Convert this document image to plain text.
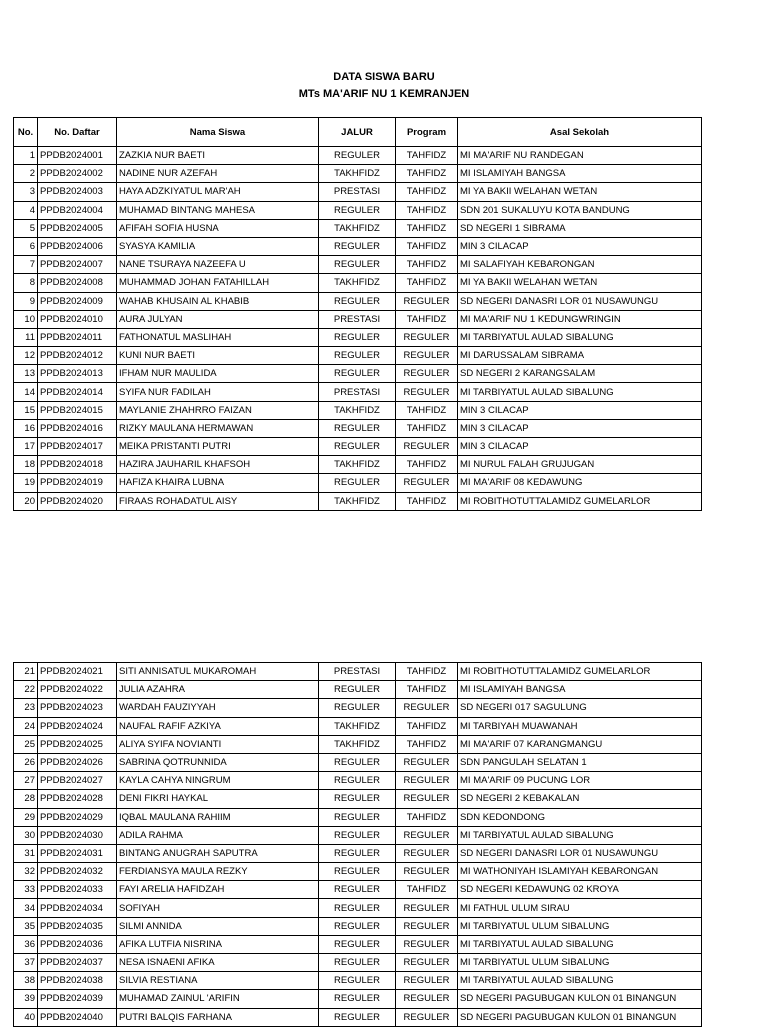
DATA SISWA BARU
MTs MA'ARIF NU 1 KEMRANJEN
No.	No. Daftar	Nama Siswa	JALUR	Program	Asal Sekolah
1	PPDB2024001	ZAZKIA NUR BAETI	REGULER	TAHFIDZ	MI MA'ARIF NU RANDEGAN
2	PPDB2024002	NADINE NUR AZEFAH	TAKHFIDZ	TAHFIDZ	MI ISLAMIYAH BANGSA
3	PPDB2024003	HAYA ADZKIYATUL MAR'AH	PRESTASI	TAHFIDZ	MI YA BAKII WELAHAN WETAN
4	PPDB2024004	MUHAMAD BINTANG MAHESA	REGULER	TAHFIDZ	SDN 201 SUKALUYU KOTA BANDUNG
5	PPDB2024005	AFIFAH SOFIA HUSNA	TAKHFIDZ	TAHFIDZ	SD NEGERI 1 SIBRAMA
6	PPDB2024006	SYASYA KAMILIA	REGULER	TAHFIDZ	MIN 3 CILACAP
7	PPDB2024007	NANE TSURAYA NAZEEFA U	REGULER	TAHFIDZ	MI SALAFIYAH KEBARONGAN
8	PPDB2024008	MUHAMMAD JOHAN FATAHILLAH	TAKHFIDZ	TAHFIDZ	MI YA BAKII WELAHAN WETAN
9	PPDB2024009	WAHAB KHUSAIN AL KHABIB	REGULER	REGULER	SD NEGERI DANASRI LOR 01 NUSAWUNGU
10	PPDB2024010	AURA JULYAN	PRESTASI	TAHFIDZ	MI MA'ARIF NU 1 KEDUNGWRINGIN
11	PPDB2024011	FATHONATUL MASLIHAH	REGULER	REGULER	MI TARBIYATUL AULAD SIBALUNG
12	PPDB2024012	KUNI NUR BAETI	REGULER	REGULER	MI DARUSSALAM SIBRAMA
13	PPDB2024013	IFHAM NUR MAULIDA	REGULER	REGULER	SD NEGERI 2 KARANGSALAM
14	PPDB2024014	SYIFA NUR FADILAH	PRESTASI	REGULER	MI TARBIYATUL AULAD SIBALUNG
15	PPDB2024015	MAYLANIE ZHAHRRO FAIZAN	TAKHFIDZ	TAHFIDZ	MIN 3 CILACAP
16	PPDB2024016	RIZKY MAULANA HERMAWAN	REGULER	TAHFIDZ	MIN 3 CILACAP
17	PPDB2024017	MEIKA PRISTANTI PUTRI	REGULER	REGULER	MIN 3 CILACAP
18	PPDB2024018	HAZIRA JAUHARIL KHAFSOH	TAKHFIDZ	TAHFIDZ	MI NURUL FALAH GRUJUGAN
19	PPDB2024019	HAFIZA KHAIRA LUBNA	REGULER	REGULER	MI MA'ARIF 08 KEDAWUNG
20	PPDB2024020	FIRAAS ROHADATUL AISY	TAKHFIDZ	TAHFIDZ	MI ROBITHOTUTTALAMIDZ GUMELARLOR
21	PPDB2024021	SITI ANNISATUL MUKAROMAH	PRESTASI	TAHFIDZ	MI ROBITHOTUTTALAMIDZ GUMELARLOR
22	PPDB2024022	JULIA AZAHRA	REGULER	TAHFIDZ	MI ISLAMIYAH BANGSA
23	PPDB2024023	WARDAH FAUZIYYAH	REGULER	REGULER	SD NEGERI 017 SAGULUNG
24	PPDB2024024	NAUFAL RAFIF AZKIYA	TAKHFIDZ	TAHFIDZ	MI TARBIYAH MUAWANAH
25	PPDB2024025	ALIYA SYIFA NOVIANTI	TAKHFIDZ	TAHFIDZ	MI MA'ARIF 07 KARANGMANGU
26	PPDB2024026	SABRINA QOTRUNNIDA	REGULER	REGULER	SDN PANGULAH SELATAN 1
27	PPDB2024027	KAYLA CAHYA NINGRUM	REGULER	REGULER	MI MA'ARIF 09 PUCUNG LOR
28	PPDB2024028	DENI FIKRI HAYKAL	REGULER	REGULER	SD NEGERI 2 KEBAKALAN
29	PPDB2024029	IQBAL MAULANA RAHIIM	REGULER	TAHFIDZ	SDN KEDONDONG
30	PPDB2024030	ADILA RAHMA	REGULER	REGULER	MI TARBIYATUL AULAD SIBALUNG
31	PPDB2024031	BINTANG ANUGRAH SAPUTRA	REGULER	REGULER	SD NEGERI DANASRI LOR 01 NUSAWUNGU
32	PPDB2024032	FERDIANSYA MAULA REZKY	REGULER	REGULER	MI WATHONIYAH ISLAMIYAH KEBARONGAN
33	PPDB2024033	FAYI ARELIA HAFIDZAH	REGULER	TAHFIDZ	SD NEGERI KEDAWUNG 02 KROYA
34	PPDB2024034	SOFIYAH	REGULER	REGULER	MI FATHUL ULUM SIRAU
35	PPDB2024035	SILMI ANNIDA	REGULER	REGULER	MI TARBIYATUL ULUM SIBALUNG
36	PPDB2024036	AFIKA LUTFIA NISRINA	REGULER	REGULER	MI TARBIYATUL AULAD SIBALUNG
37	PPDB2024037	NESA ISNAENI AFIKA	REGULER	REGULER	MI TARBIYATUL ULUM SIBALUNG
38	PPDB2024038	SILVIA RESTIANA	REGULER	REGULER	MI TARBIYATUL AULAD SIBALUNG
39	PPDB2024039	MUHAMAD ZAINUL 'ARIFIN	REGULER	REGULER	SD NEGERI PAGUBUGAN KULON 01 BINANGUN
40	PPDB2024040	PUTRI BALQIS FARHANA	REGULER	REGULER	SD NEGERI PAGUBUGAN KULON 01 BINANGUN
